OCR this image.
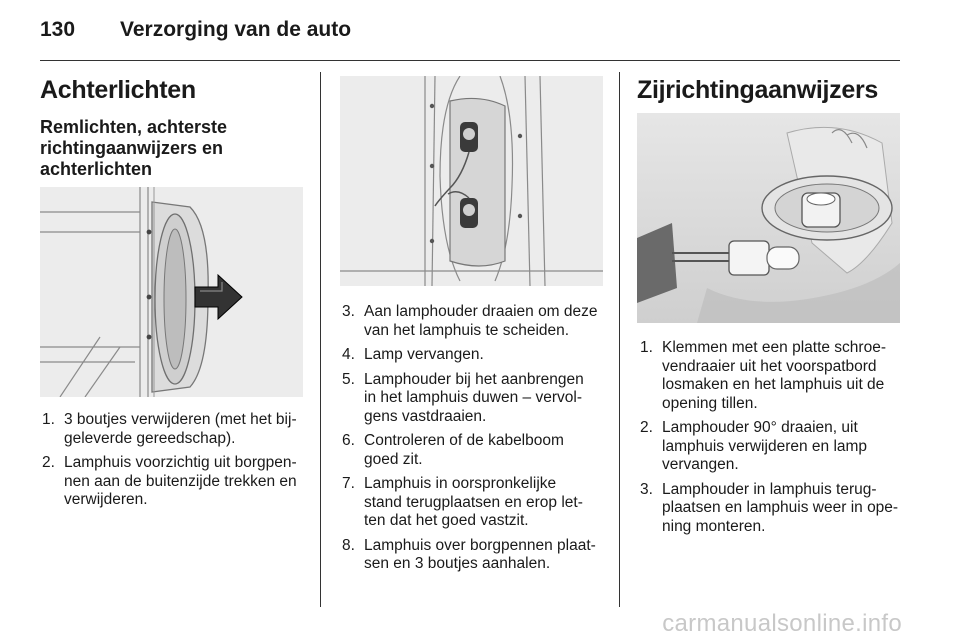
130 Verzorging van de auto
Achterlichten
Remlichten, achterste
richtingaanwijzers en
achterlichten
1. 3 boutjes verwijderen (met het bij-
geleverde gereedschap).
2. Lamphuis voorzichtig uit borgpen-
nen aan de buitenzijde trekken en
verwijderen.
3. Aan lamphouder draaien om deze
van het lamphuis te scheiden.
4. Lamp vervangen.
5. Lamphouder bij het aanbrengen
in het lamphuis duwen – vervol-
gens vastdraaien.
6. Controleren of de kabelboom
goed zit.
7. Lamphuis in oorspronkelijke
stand terugplaatsen en erop let-
ten dat het goed vastzit.
8. Lamphuis over borgpennen plaat-
sen en 3 boutjes aanhalen.
Zijrichtingaanwijzers
1. Klemmen met een platte schroe-
vendraaier uit het voorspatbord
losmaken en het lamphuis uit de
opening tillen.
2. Lamphouder 90° draaien, uit
lamphuis verwijderen en lamp
vervangen.
3. Lamphouder in lamphuis terug-
plaatsen en lamphuis weer in ope-
ning monteren.
carmanualsonline.info
